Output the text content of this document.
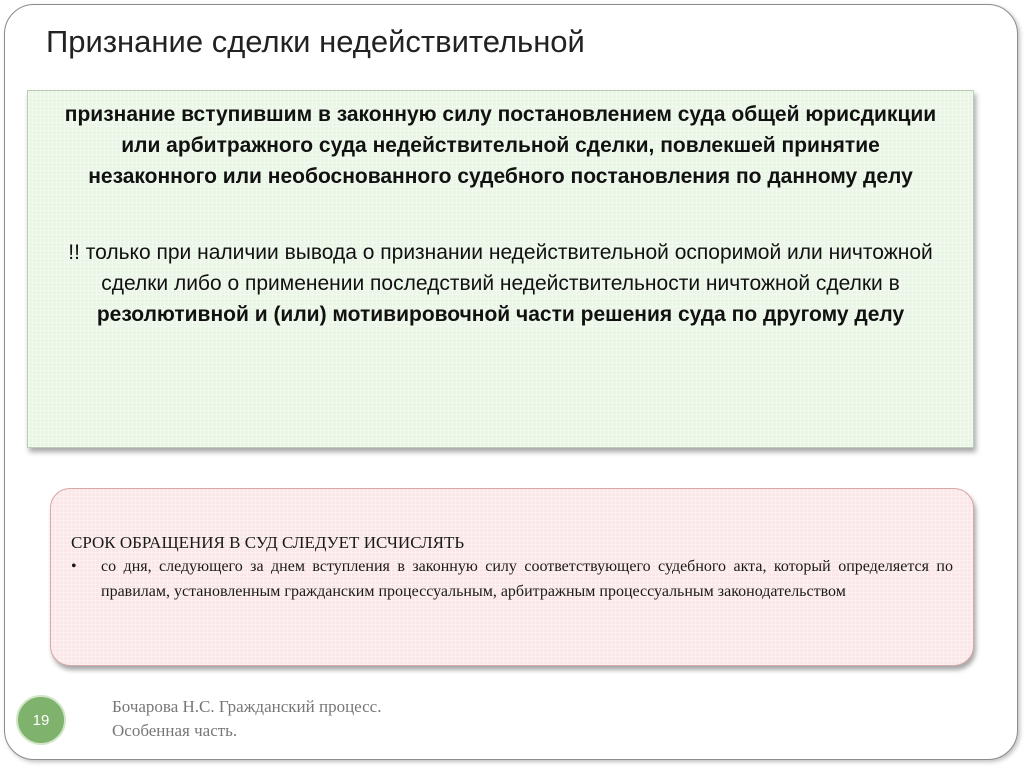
Признание сделки недействительной

признание вступившим в законную силу постановлением суда общей юрисдикции или арбитражного суда недействительной сделки, повлекшей принятие незаконного или необоснованного судебного постановления по данному делу

!! только при наличии вывода о признании недействительной оспоримой или ничтожной сделки либо о применении последствий недействительности ничтожной сделки в резолютивной и (или) мотивировочной части решения суда по другому делу

СРОК ОБРАЩЕНИЯ В СУД СЛЕДУЕТ ИСЧИСЛЯТЬ

•	со дня, следующего за днем вступления в законную силу соответствующего судебного акта, который определяется по правилам, установленным гражданским процессуальным, арбитражным процессуальным законодательством
19
Бочарова Н.С. Гражданский процесс.
Особенная часть.
